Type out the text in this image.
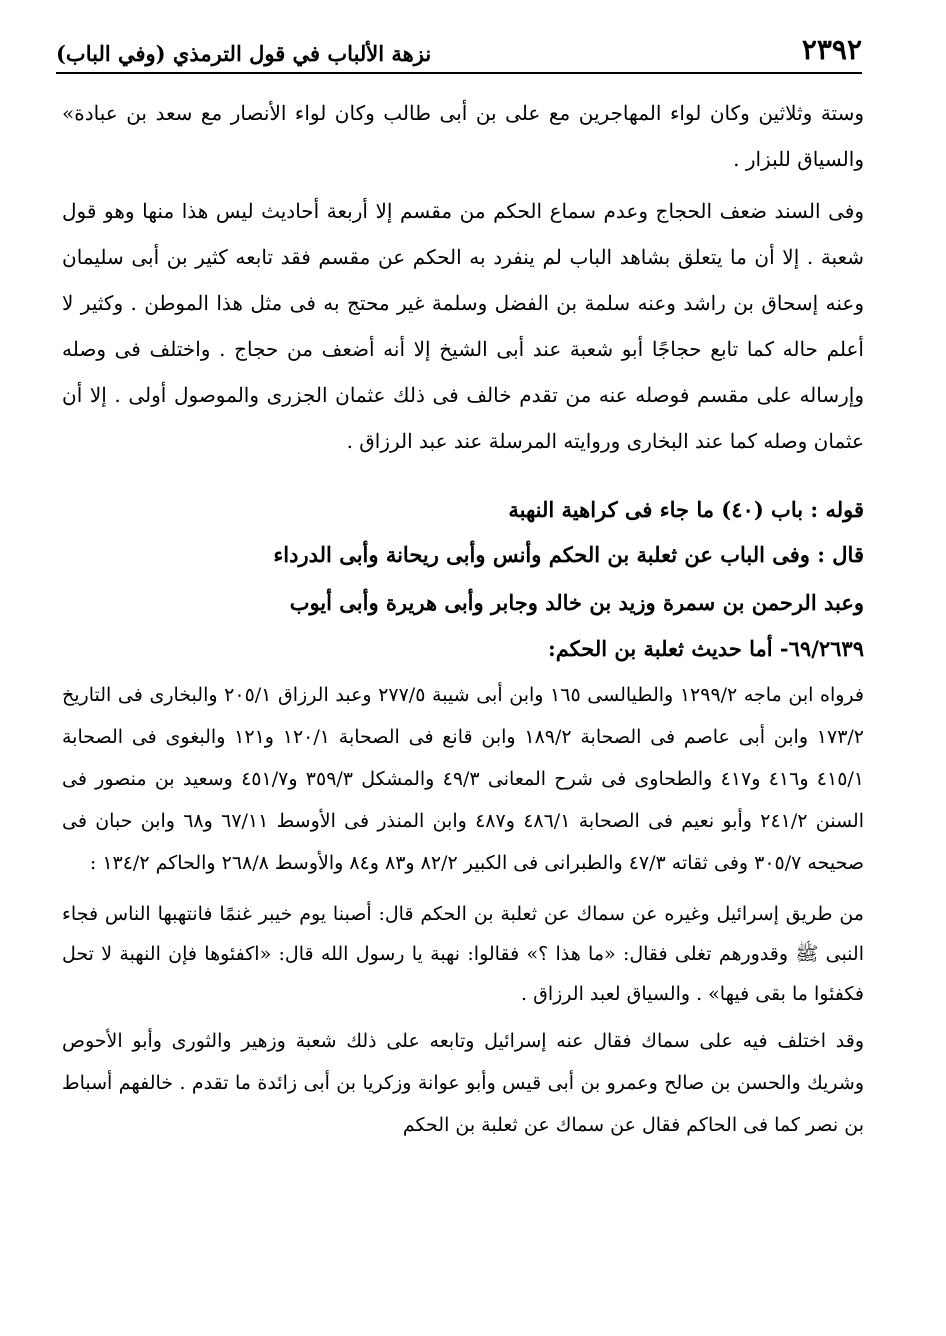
٢٣٩٢
نزهة الألباب في قول الترمذي (وفي الباب)

وستة وثلاثين وكان لواء المهاجرين مع على بن أبى طالب وكان لواء الأنصار مع سعد بن عبادة» والسياق للبزار .

وفى السند ضعف الحجاج وعدم سماع الحكم من مقسم إلا أربعة أحاديث ليس هذا منها وهو قول شعبة . إلا أن ما يتعلق بشاهد الباب لم ينفرد به الحكم عن مقسم فقد تابعه كثير بن أبى سليمان وعنه إسحاق بن راشد وعنه سلمة بن الفضل وسلمة غير محتج به فى مثل هذا الموطن . وكثير لا أعلم حاله كما تابع حجاجًا أبو شعبة عند أبى الشيخ إلا أنه أضعف من حجاج . واختلف فى وصله وإرساله على مقسم فوصله عنه من تقدم خالف فى ذلك عثمان الجزرى والموصول أولى . إلا أن عثمان وصله كما عند البخارى وروايته المرسلة عند عبد الرزاق .

قوله : باب (٤٠) ما جاء فى كراهية النهبة

قال : وفى الباب عن ثعلبة بن الحكم وأنس وأبى ريحانة وأبى الدرداء

وعبد الرحمن بن سمرة وزيد بن خالد وجابر وأبى هريرة وأبى أيوب

٦٩/٢٦٣٩- أما حديث ثعلبة بن الحكم:

فرواه ابن ماجه ١٢٩٩/٢ والطيالسى ١٦٥ وابن أبى شيبة ٢٧٧/٥ وعبد الرزاق ٢٠٥/١ والبخارى فى التاريخ ١٧٣/٢ وابن أبى عاصم فى الصحابة ١٨٩/٢ وابن قانع فى الصحابة ١٢٠/١ و١٢١ والبغوى فى الصحابة ٤١٥/١ و٤١٦ و٤١٧ والطحاوى فى شرح المعانى ٤٩/٣ والمشكل ٣٥٩/٣ و٤٥١/٧ وسعيد بن منصور فى السنن ٢٤١/٢ وأبو نعيم فى الصحابة ٤٨٦/١ و٤٨٧ وابن المنذر فى الأوسط ٦٧/١١ و٦٨ وابن حبان فى صحيحه ٣٠٥/٧ وفى ثقاته ٤٧/٣ والطبرانى فى الكبير ٨٢/٢ و٨٣ و٨٤ والأوسط ٢٦٨/٨ والحاكم ١٣٤/٢ :

من طريق إسرائيل وغيره عن سماك عن ثعلبة بن الحكم قال: أصبنا يوم خيبر غنمًا فانتهبها الناس فجاء النبى ﷺ وقدورهم تغلى فقال: «ما هذا ؟» فقالوا: نهبة يا رسول الله قال: «اكفئوها فإن النهبة لا تحل فكفئوا ما بقى فيها» . والسياق لعبد الرزاق .

وقد اختلف فيه على سماك فقال عنه إسرائيل وتابعه على ذلك شعبة وزهير والثورى وأبو الأحوص وشريك والحسن بن صالح وعمرو بن أبى قيس وأبو عوانة وزكريا بن أبى زائدة ما تقدم . خالفهم أسباط بن نصر كما فى الحاكم فقال عن سماك عن ثعلبة بن الحكم
